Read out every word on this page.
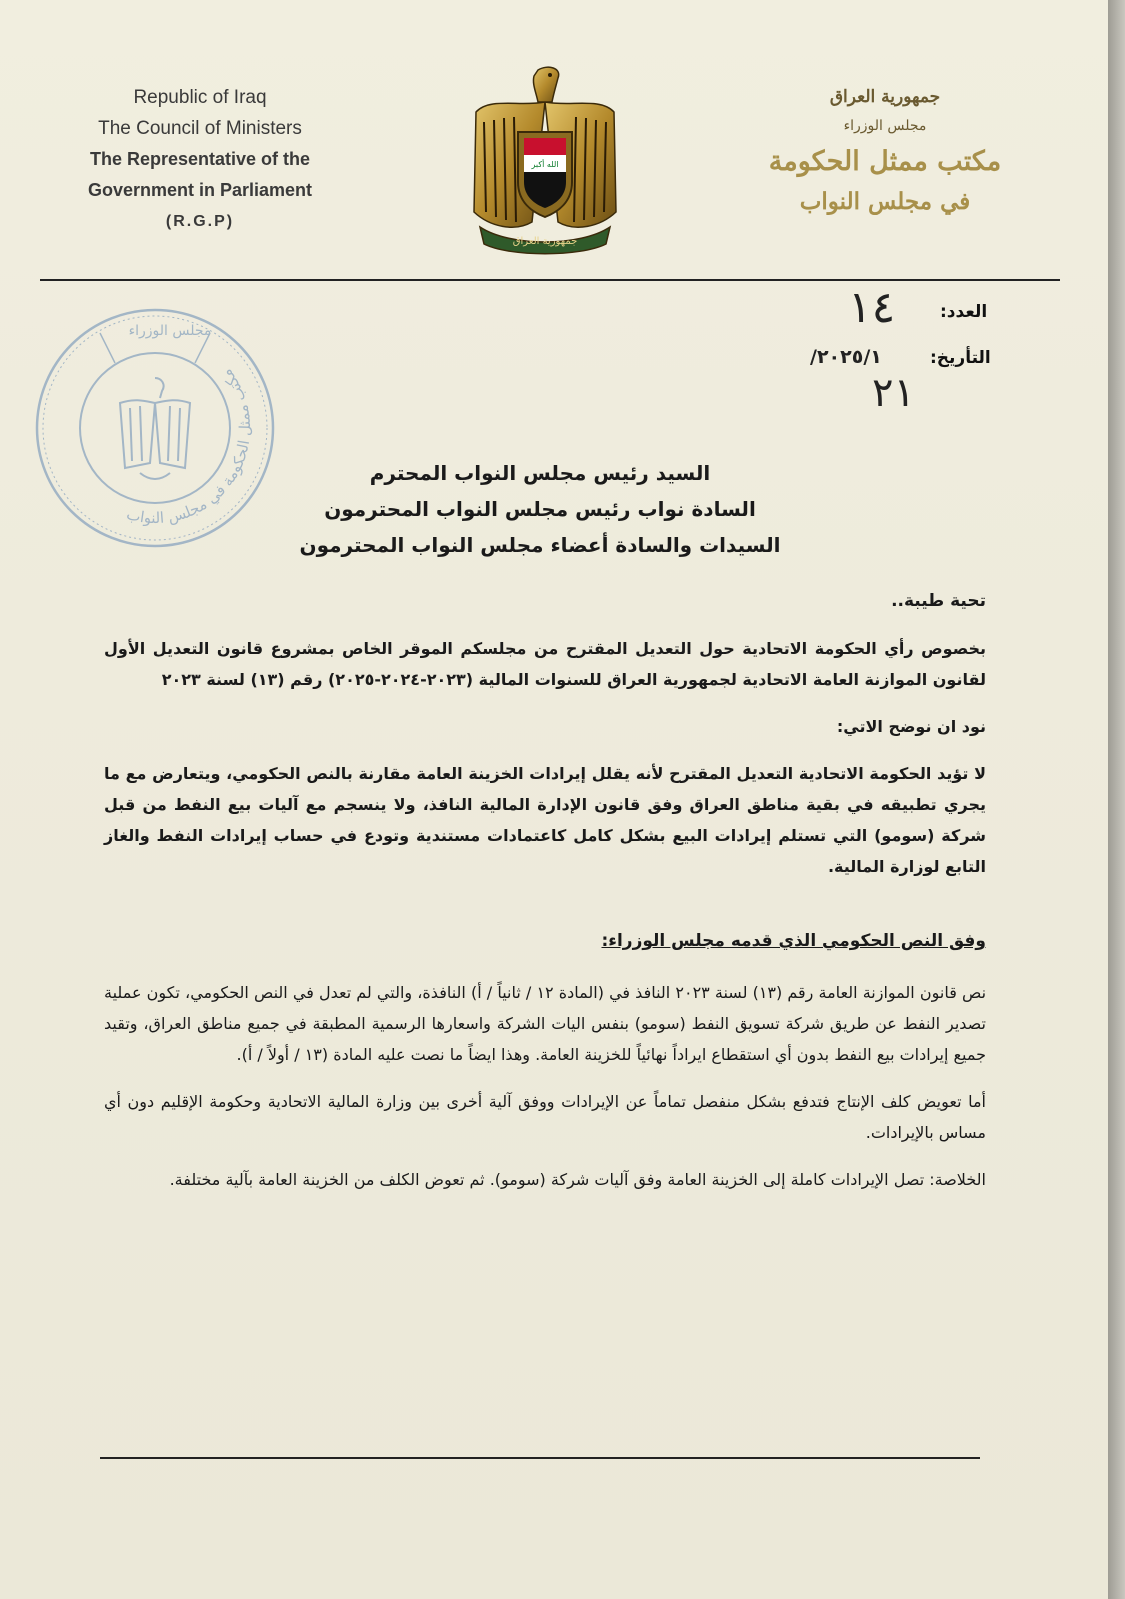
Republic of Iraq
The Council of Ministers
The Representative of the
Government in Parliament
(R.G.P)
الله أكبر
جمهورية العراق
جمهورية العراق
مجلس الوزراء
مكتب ممثل الحكومة
في مجلس النواب
مكتب ممثل الحكومة في مجلس النواب
مجلس الوزراء
العدد:
١٤
التأريخ:
٢٠٢٥/١/
٢١
السيد رئيس مجلس النواب المحترم
السادة نواب رئيس مجلس النواب المحترمون
السيدات والسادة أعضاء مجلس النواب المحترمون

تحية طيبة..

بخصوص رأي الحكومة الاتحادية حول التعديل المقترح من مجلسكم الموقر الخاص بمشروع قانون التعديل الأول لقانون الموازنة العامة الاتحادية لجمهورية العراق للسنوات المالية (٢٠٢٣-٢٠٢٤-٢٠٢٥) رقم (١٣) لسنة ٢٠٢٣

نود ان نوضح الاتي:

لا تؤيد الحكومة الاتحادية التعديل المقترح لأنه يقلل إيرادات الخزينة العامة مقارنة بالنص الحكومي، ويتعارض مع ما يجري تطبيقه في بقية مناطق العراق وفق قانون الإدارة المالية النافذ، ولا ينسجم مع آليات بيع النفط من قبل شركة (سومو) التي تستلم إيرادات البيع بشكل كامل كاعتمادات مستندية وتودع في حساب إيرادات النفط والغاز التابع لوزارة المالية.

وفق النص الحكومي الذي قدمه مجلس الوزراء:

نص قانون الموازنة العامة رقم (١٣) لسنة ٢٠٢٣ النافذ في (المادة ١٢ / ثانياً / أ) النافذة، والتي لم تعدل في النص الحكومي، تكون عملية تصدير النفط عن طريق شركة تسويق النفط (سومو) بنفس اليات الشركة واسعارها الرسمية المطبقة في جميع مناطق العراق، وتقيد جميع إيرادات بيع النفط بدون أي استقطاع ايراداً نهائياً للخزينة العامة. وهذا ايضاً ما نصت عليه المادة (١٣ / أولاً / أ).

أما تعويض كلف الإنتاج فتدفع بشكل منفصل تماماً عن الإيرادات ووفق آلية أخرى بين وزارة المالية الاتحادية وحكومة الإقليم دون أي مساس بالإيرادات.

الخلاصة: تصل الإيرادات كاملة إلى الخزينة العامة وفق آليات شركة (سومو). ثم تعوض الكلف من الخزينة العامة بآلية مختلفة.
